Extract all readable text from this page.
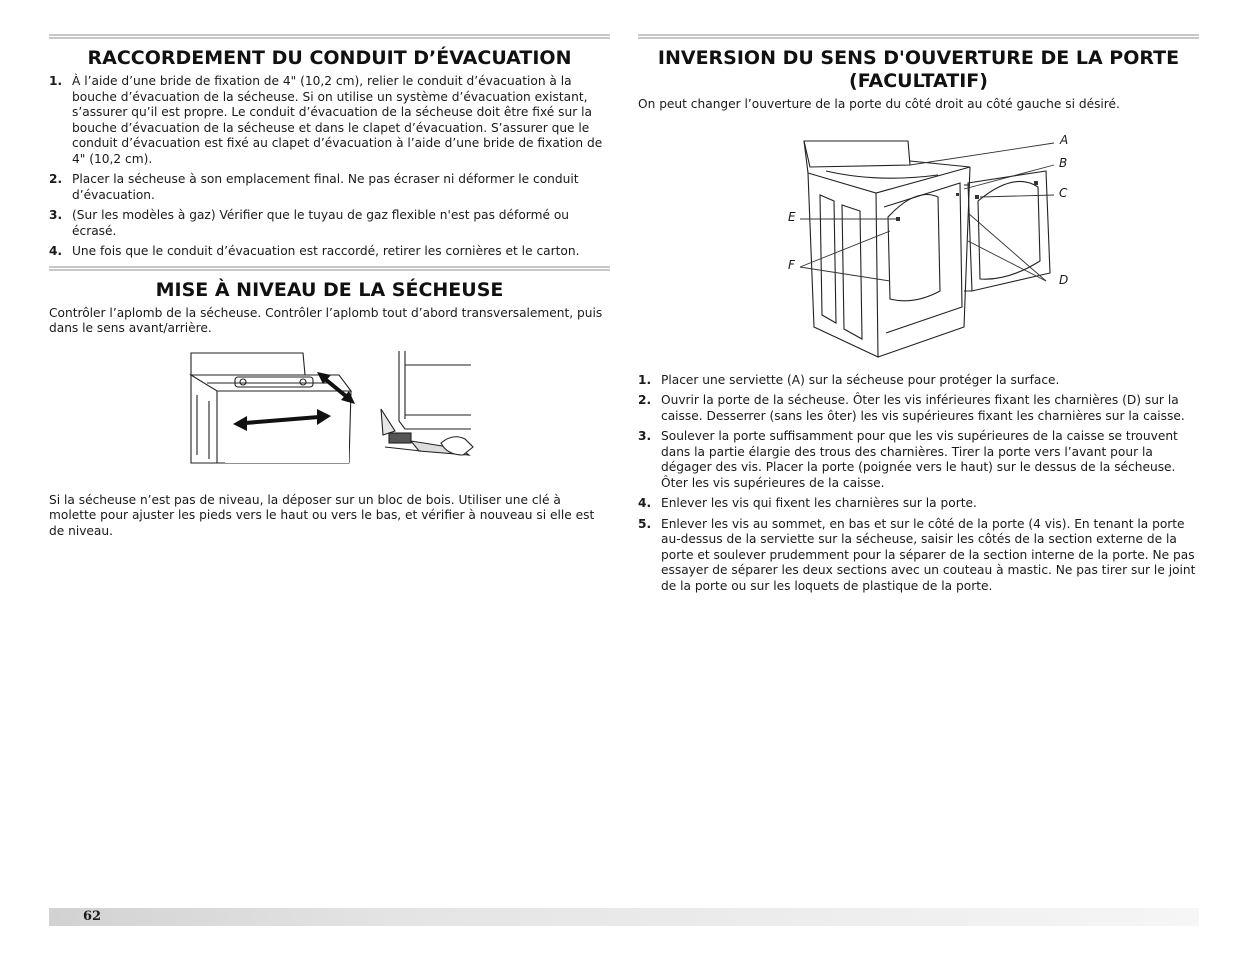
RACCORDEMENT DU CONDUIT D’ÉVACUATION
1. À l’aide d’une bride de fixation de 4" (10,2 cm), relier le conduit d’évacuation à la bouche d’évacuation de la sécheuse. Si on utilise un système d’évacuation existant, s’assurer qu’il est propre. Le conduit d’évacuation de la sécheuse doit être fixé sur la bouche d’évacuation de la sécheuse et dans le clapet d’évacuation. S’assurer que le conduit d’évacuation est fixé au clapet d’évacuation à l’aide d’une bride de fixation de 4" (10,2 cm).
2. Placer la sécheuse à son emplacement final. Ne pas écraser ni déformer le conduit d’évacuation.
3. (Sur les modèles à gaz) Vérifier que le tuyau de gaz flexible n'est pas déformé ou écrasé.
4. Une fois que le conduit d’évacuation est raccordé, retirer les cornières et le carton.
MISE À NIVEAU DE LA SÉCHEUSE

Contrôler l’aplomb de la sécheuse. Contrôler l’aplomb tout d’abord transversalement, puis dans le sens avant/arrière.

Si la sécheuse n’est pas de niveau, la déposer sur un bloc de bois. Utiliser une clé à molette pour ajuster les pieds vers le haut ou vers le bas, et vérifier à nouveau si elle est de niveau.

INVERSION DU SENS D'OUVERTURE DE LA PORTE (FACULTATIF)

On peut changer l’ouverture de la porte du côté droit au côté gauche si désiré.

A
B
C
D
E
F
1. Placer une serviette (A) sur la sécheuse pour protéger la surface.
2. Ouvrir la porte de la sécheuse. Ôter les vis inférieures fixant les charnières (D) sur la caisse. Desserrer (sans les ôter) les vis supérieures fixant les charnières sur la caisse.
3. Soulever la porte suffisamment pour que les vis supérieures de la caisse se trouvent dans la partie élargie des trous des charnières. Tirer la porte vers l’avant pour la dégager des vis. Placer la porte (poignée vers le haut) sur le dessus de la sécheuse. Ôter les vis supérieures de la caisse.
4. Enlever les vis qui fixent les charnières sur la porte.
5. Enlever les vis au sommet, en bas et sur le côté de la porte (4 vis). En tenant la porte au-dessus de la serviette sur la sécheuse, saisir les côtés de la section externe de la porte et soulever prudemment pour la séparer de la section interne de la porte. Ne pas essayer de séparer les deux sections avec un couteau à mastic. Ne pas tirer sur le joint de la porte ou sur les loquets de plastique de la porte.
62
